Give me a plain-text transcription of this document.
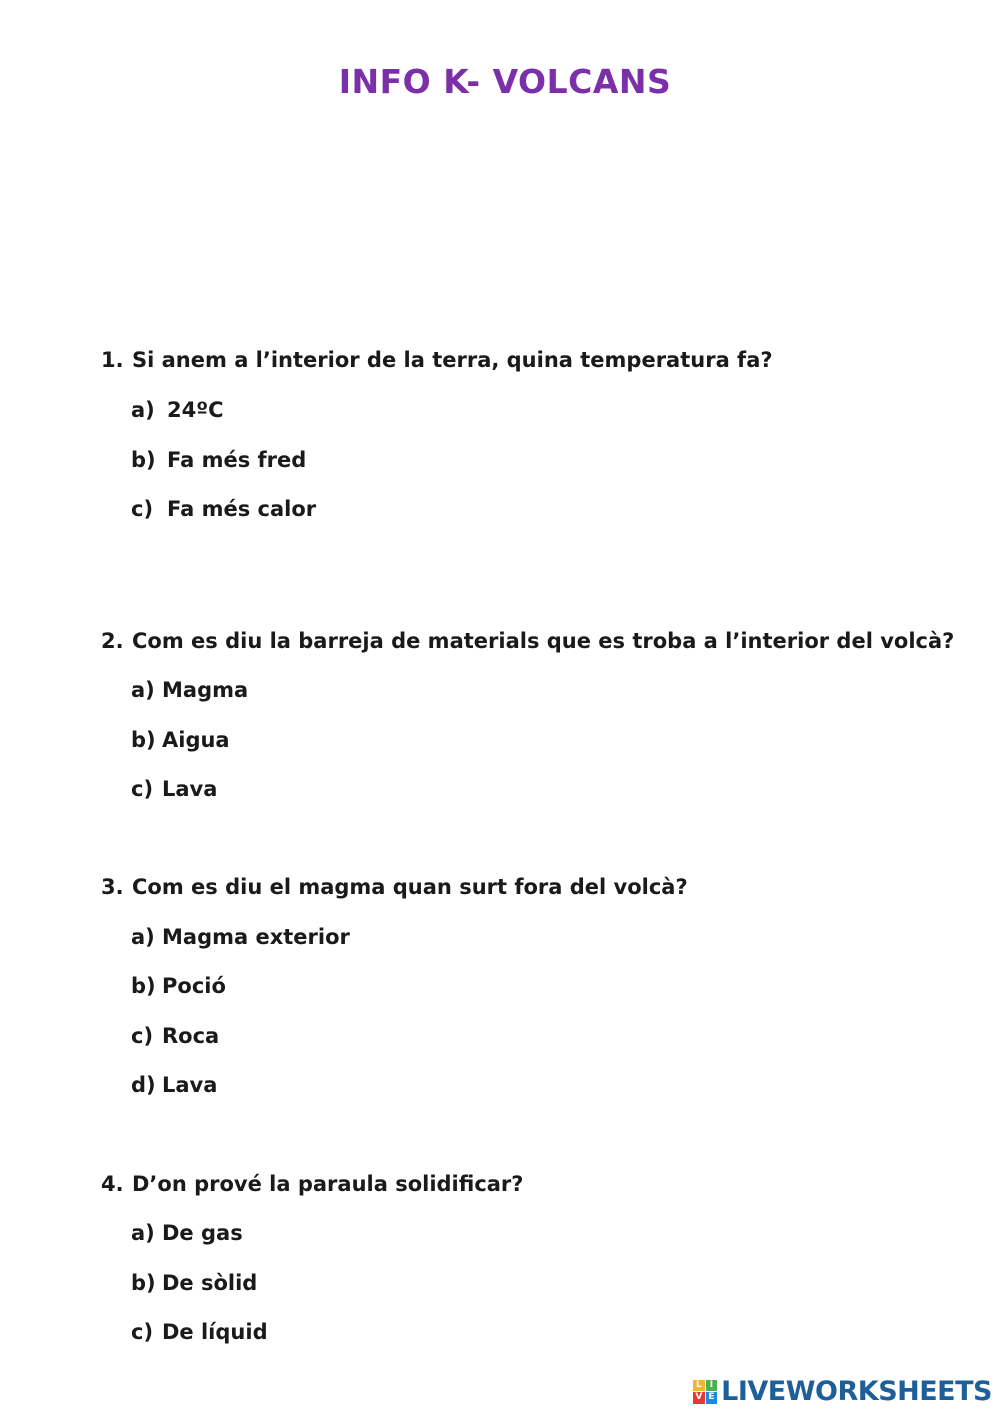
INFO K- VOLCANS
1. Si anem a l’interior de la terra, quina temperatura fa?
a) 24ºC
b) Fa més fred
c) Fa més calor
2. Com es diu la barreja de materials que es troba a l’interior del volcà?
a) Magma
b) Aigua
c) Lava
3. Com es diu el magma quan surt fora del volcà?
a) Magma exterior
b) Poció
c) Roca
d) Lava
4. D’on prové la paraula solidificar?
a) De gas
b) De sòlid
c) De líquid
L I
V E LIVEWORKSHEETS
